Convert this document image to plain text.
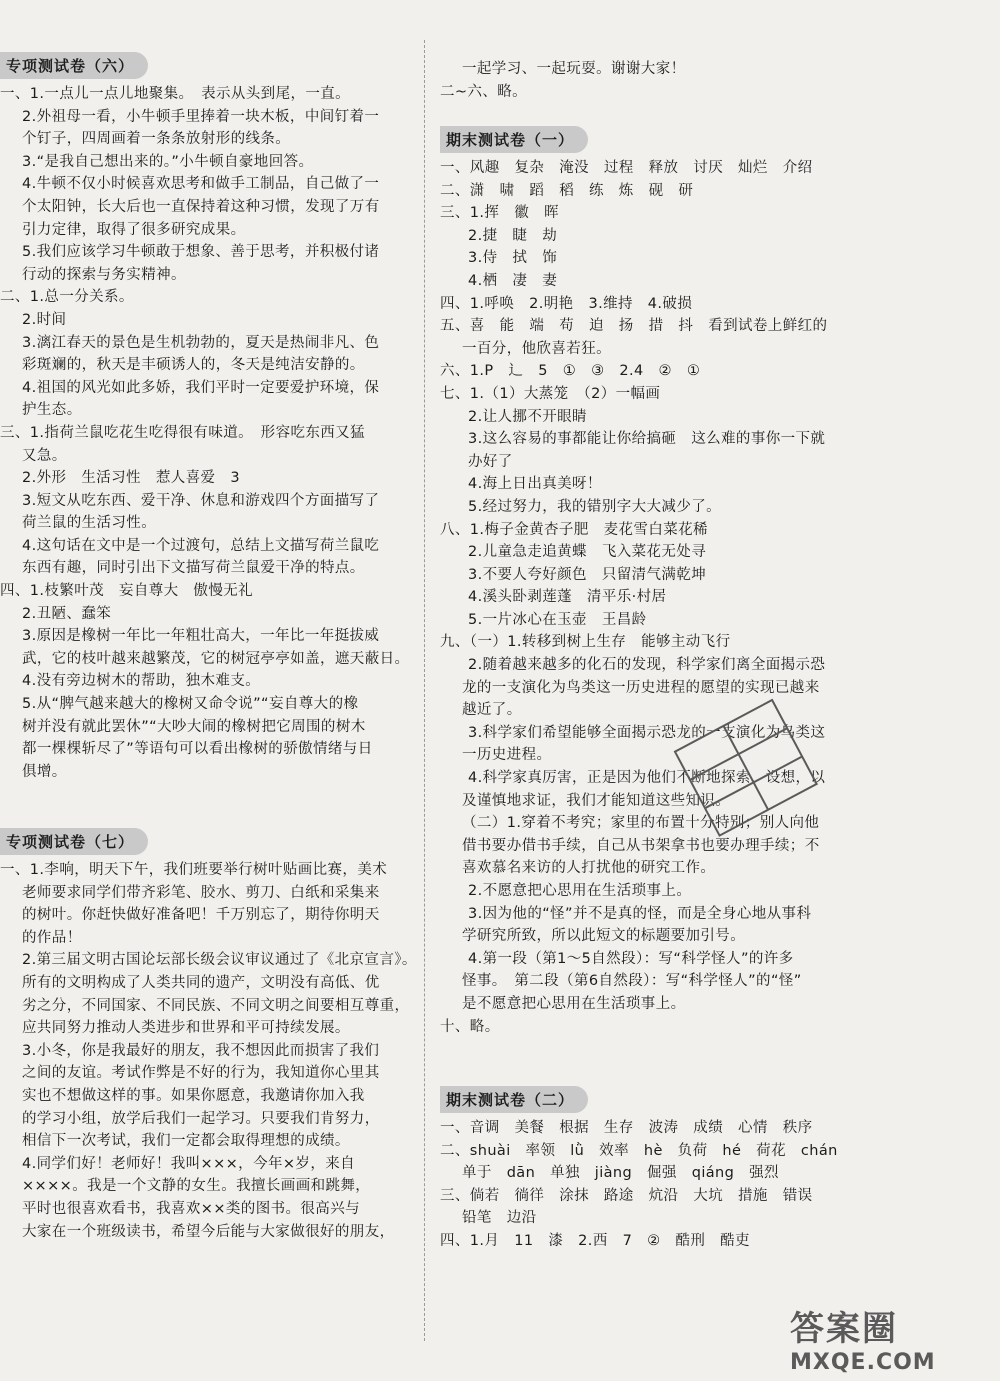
专项测试卷（六）
一、1.一点儿一点儿地聚集。　表示从头到尾，一直。
2.外祖母一看，小牛顿手里捧着一块木板，中间钉着一
个钉子，四周画着一条条放射形的线条。
3.“是我自己想出来的。”小牛顿自豪地回答。
4.牛顿不仅小时候喜欢思考和做手工制品，自己做了一
个太阳钟，长大后也一直保持着这种习惯，发现了万有
引力定律，取得了很多研究成果。
5.我们应该学习牛顿敢于想象、善于思考，并积极付诸
行动的探索与务实精神。
二、1.总一分关系。
2.时间
3.漓江春天的景色是生机勃勃的，夏天是热闹非凡、色
彩斑斓的，秋天是丰硕诱人的，冬天是纯洁安静的。
4.祖国的风光如此多娇，我们平时一定要爱护环境，保
护生态。
三、1.指荷兰鼠吃花生吃得很有味道。　形容吃东西又猛
又急。
2.外形　生活习性　惹人喜爱　3
3.短文从吃东西、爱干净、休息和游戏四个方面描写了
荷兰鼠的生活习性。
4.这句话在文中是一个过渡句，总结上文描写荷兰鼠吃
东西有趣，同时引出下文描写荷兰鼠爱干净的特点。
四、1.枝繁叶茂　妄自尊大　傲慢无礼
2.丑陋、蠢笨
3.原因是橡树一年比一年粗壮高大，一年比一年挺拔威
武，它的枝叶越来越繁茂，它的树冠亭亭如盖，遮天蔽日。
4.没有旁边树木的帮助，独木难支。
5.从“脾气越来越大的橡树又命令说”“妄自尊大的橡
树并没有就此罢休”“大吵大闹的橡树把它周围的树木
都一棵棵斩尽了”等语句可以看出橡树的骄傲情绪与日
俱增。
专项测试卷（七）
一、1.李响，明天下午，我们班要举行树叶贴画比赛，美术
老师要求同学们带齐彩笔、胶水、剪刀、白纸和采集来
的树叶。你赶快做好准备吧！千万别忘了，期待你明天
的作品！
2.第三届文明古国论坛部长级会议审议通过了《北京宣言》。
所有的文明构成了人类共同的遗产，文明没有高低、优
劣之分，不同国家、不同民族、不同文明之间要相互尊重，
应共同努力推动人类进步和世界和平可持续发展。
3.小冬，你是我最好的朋友，我不想因此而损害了我们
之间的友谊。考试作弊是不好的行为，我知道你心里其
实也不想做这样的事。如果你愿意，我邀请你加入我
的学习小组，放学后我们一起学习。只要我们肯努力，
相信下一次考试，我们一定都会取得理想的成绩。
4.同学们好！老师好！我叫×××，今年×岁，来自
××××。我是一个文静的女生。我擅长画画和跳舞，
平时也很喜欢看书，我喜欢××类的图书。很高兴与
大家在一个班级读书，希望今后能与大家做很好的朋友，
一起学习、一起玩耍。谢谢大家！
二~六、略。
期末测试卷（一）
一、风趣　复杂　淹没　过程　释放　讨厌　灿烂　介绍
二、潇　啸　蹈　稻　练　炼　砚　研
三、1.挥　徽　晖
2.捷　睫　劫
3.侍　拭　饰
4.栖　凄　妻
四、1.呼唤　2.明艳　3.维持　4.破损
五、喜　能　端　苟　迫　扬　措　抖　看到试卷上鲜红的
一百分，他欣喜若狂。
六、1.P　辶　5　①　③　2.4　②　①
七、1.（1）大蒸笼　（2）一幅画
2.让人挪不开眼睛
3.这么容易的事都能让你给搞砸　这么难的事你一下就
办好了
4.海上日出真美呀！
5.经过努力，我的错别字大大减少了。
八、1.梅子金黄杏子肥　麦花雪白菜花稀
2.儿童急走追黄蝶　飞入菜花无处寻
3.不要人夸好颜色　只留清气满乾坤
4.溪头卧剥莲蓬　清平乐·村居
5.一片冰心在玉壶　王昌龄
九、（一）1.转移到树上生存　能够主动飞行
2.随着越来越多的化石的发现，科学家们离全面揭示恐
龙的一支演化为鸟类这一历史进程的愿望的实现已越来
越近了。
3.科学家们希望能够全面揭示恐龙的一支演化为鸟类这
一历史进程。
4.科学家真厉害，正是因为他们不断地探索、设想，以
及谨慎地求证，我们才能知道这些知识。
（二）1.穿着不考究；家里的布置十分特别；别人向他
借书要办借书手续，自己从书架拿书也要办理手续；不
喜欢慕名来访的人打扰他的研究工作。
2.不愿意把心思用在生活琐事上。
3.因为他的“怪”并不是真的怪，而是全身心地从事科
学研究所致，所以此短文的标题要加引号。
4.第一段（第1～5自然段）：写“科学怪人”的许多
怪事。　第二段（第6自然段）：写“科学怪人”的“怪”
是不愿意把心思用在生活琐事上。
十、略。
期末测试卷（二）
一、音调　美餐　根据　生存　波涛　成绩　心情　秩序
二、shuài　率领　lǜ　效率　hè　负荷　hé　荷花　chán
单于　dān　单独　jiàng　倔强　qiáng　强烈
三、倘若　徜徉　涂抹　路途　炕沿　大坑　措施　错误
铅笔　边沿
四、1.月　11　漆　2.西　7　②　酷刑　酷吏
答案圈
MXQE.COM
